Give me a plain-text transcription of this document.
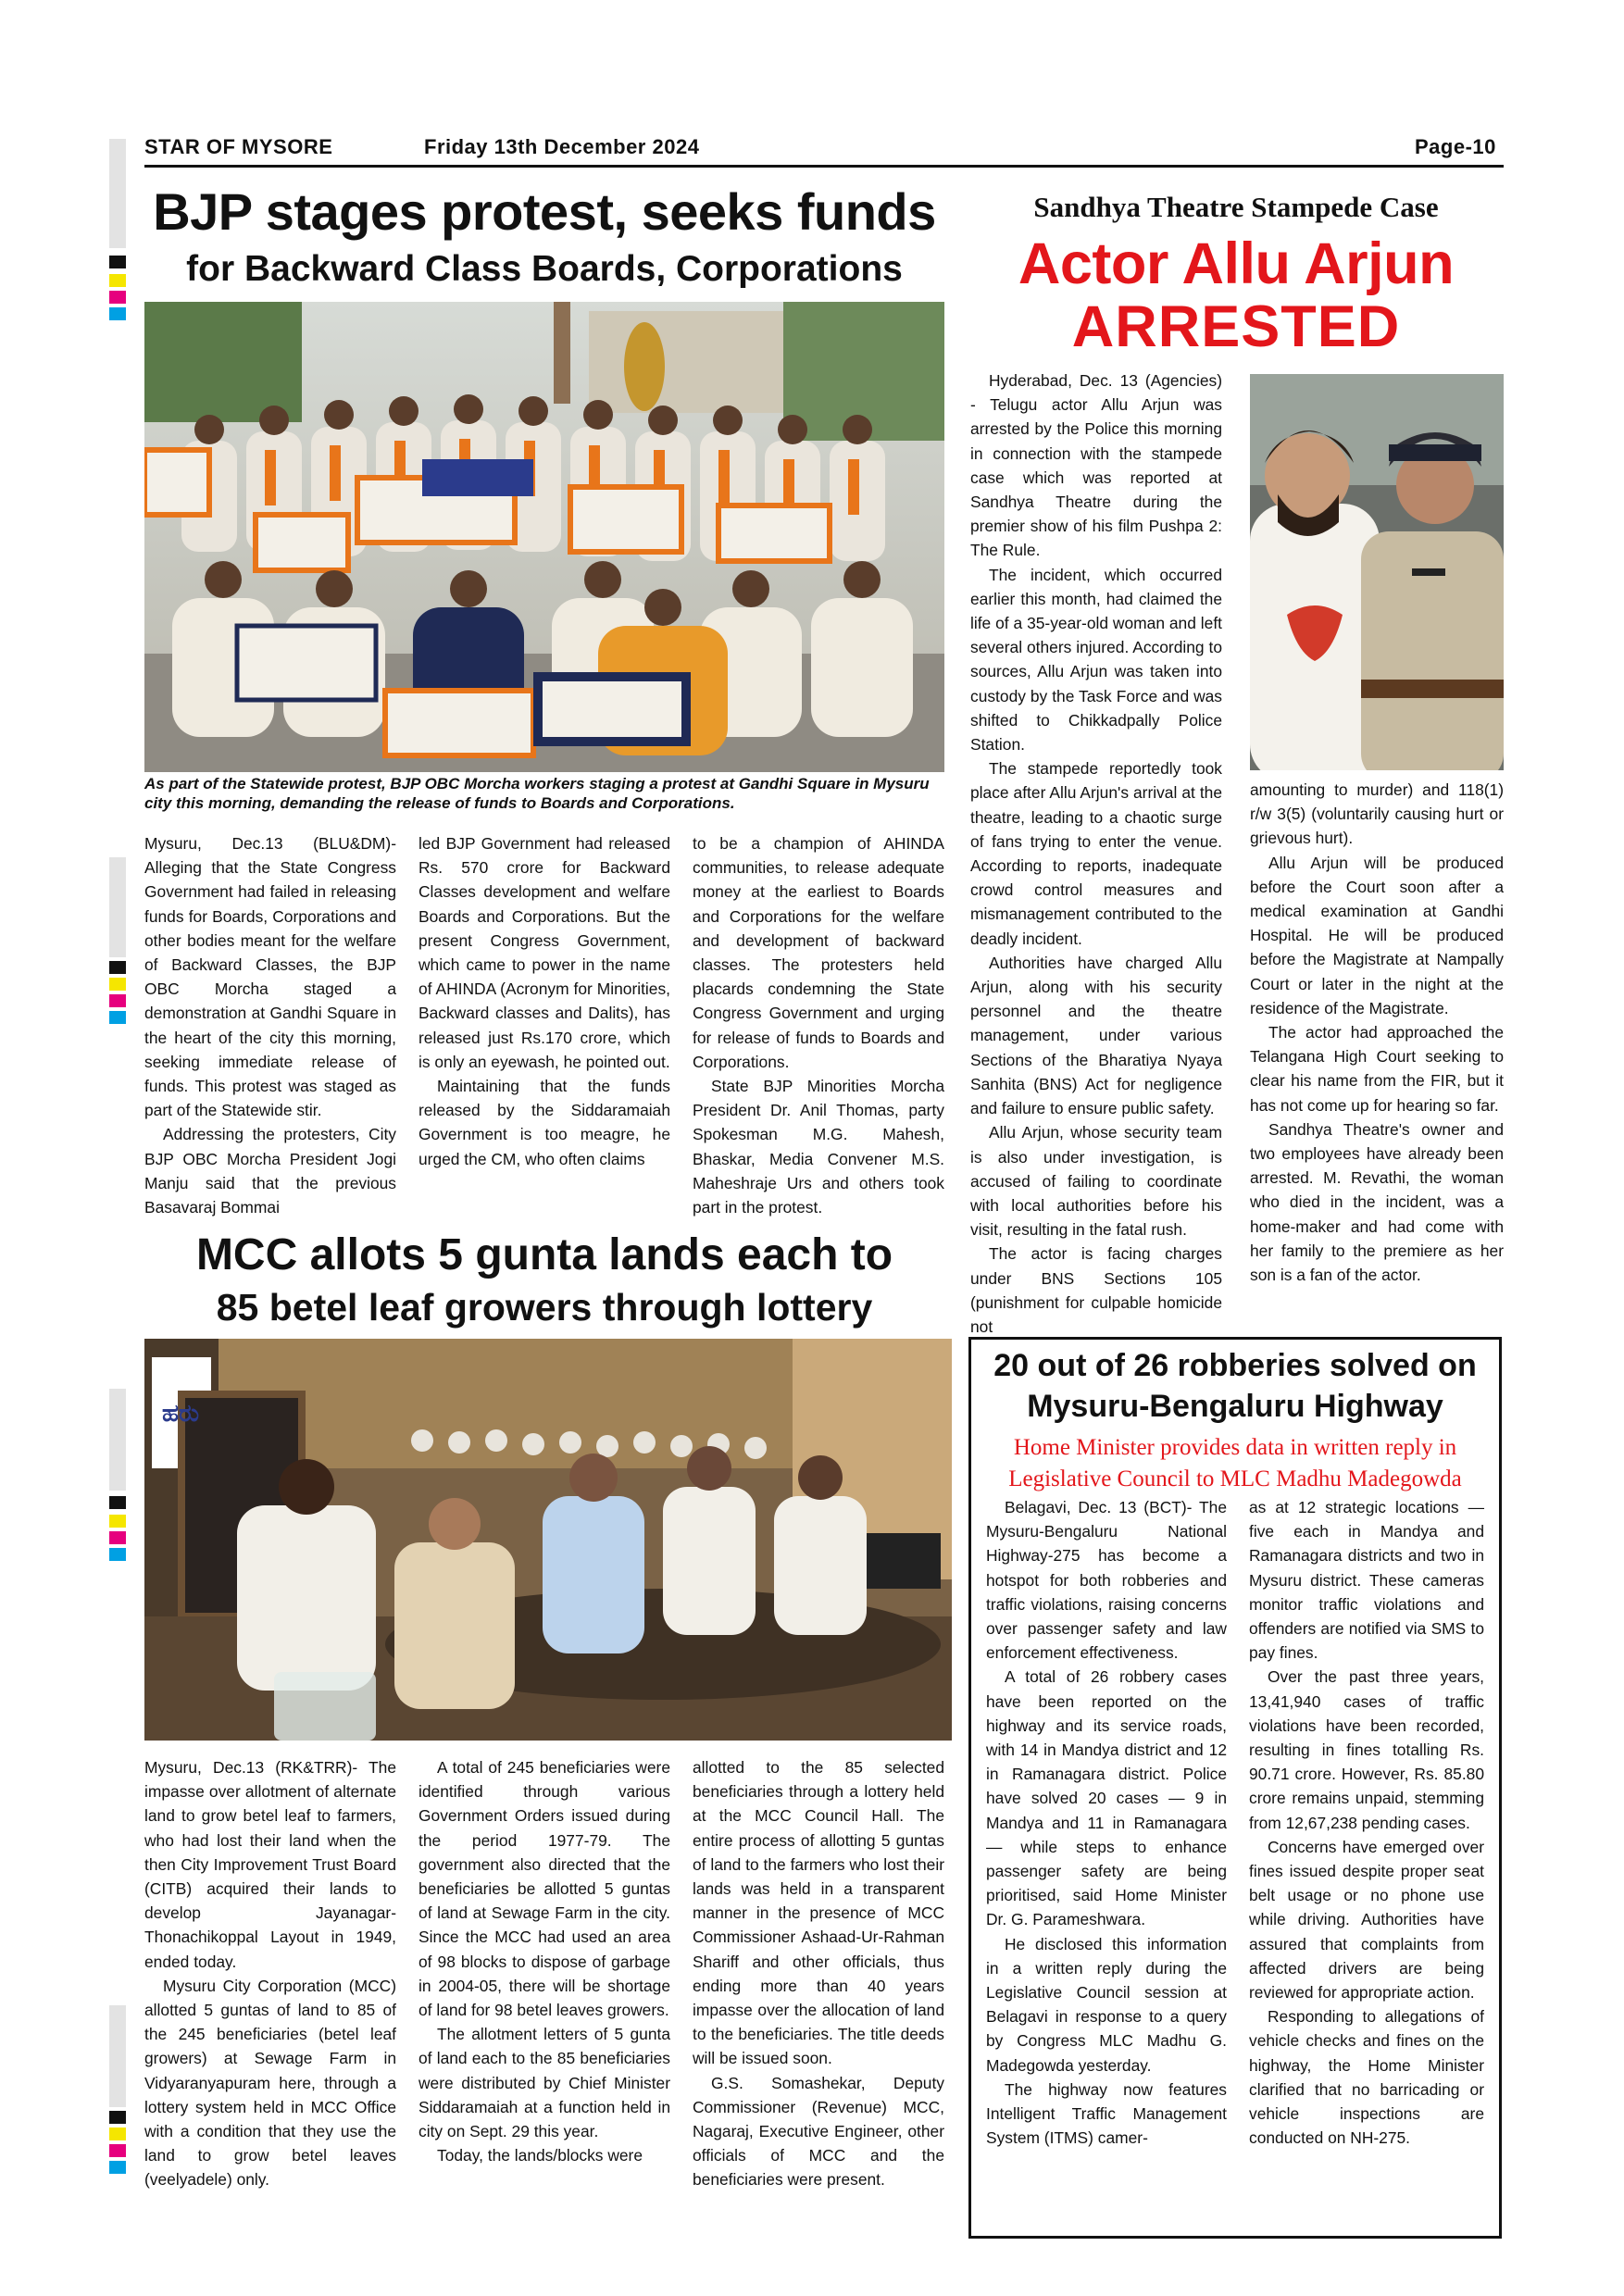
STAR OF MYSORE	Friday 13th December 2024	Page-10
BJP stages protest, seeks funds
for Backward Class Boards, Corporations
As part of the Statewide protest, BJP OBC Morcha workers staging a protest at Gandhi Square in Mysuru city this morning, demanding the release of funds to Boards and Corporations.

Mysuru, Dec.13 (BLU&DM)- Alleging that the State Congress Government had failed in releasing funds for Boards, Corporations and other bodies meant for the welfare of Backward Classes, the BJP OBC Morcha staged a demonstration at Gandhi Square in the heart of the city this morning, seeking immediate release of funds. This protest was staged as part of the Statewide stir.

Addressing the protesters, City BJP OBC Morcha President Jogi Manju said that the previous Basavaraj Bommai

led BJP Government had released Rs. 570 crore for Backward Classes development and welfare Boards and Corporations. But the present Congress Government, which came to power in the name of AHINDA (Acronym for Minorities, Backward classes and Dalits), has released just Rs.170 crore, which is only an eyewash, he pointed out.

Maintaining that the funds released by the Siddaramaiah Government is too meagre, he urged the CM, who often claims

to be a champion of AHINDA communities, to release adequate money at the earliest to Boards and Corporations for the welfare and development of backward classes. The protesters held placards condemning the State Congress Government and urging for release of funds to Boards and Corporations.

State BJP Minorities Morcha President Dr. Anil Thomas, party Spokesman M.G. Mahesh, Bhaskar, Media Convener M.S. Maheshraje Urs and others took part in the protest.

Sandhya Theatre Stampede Case
Actor Allu Arjun
ARRESTED

Hyderabad, Dec. 13 (Agencies) - Telugu actor Allu Arjun was arrested by the Police this morning in connection with the stampede case which was reported at Sandhya Theatre during the premier show of his film Pushpa 2: The Rule.

The incident, which occurred earlier this month, had claimed the life of a 35-year-old woman and left several others injured. According to sources, Allu Arjun was taken into custody by the Task Force and was shifted to Chikkadpally Police Station.

The stampede reportedly took place after Allu Arjun's arrival at the theatre, leading to a chaotic surge of fans trying to enter the venue. According to reports, inadequate crowd control measures and mismanagement contributed to the deadly incident.

Authorities have charged Allu Arjun, along with his security personnel and the theatre management, under various Sections of the Bharatiya Nyaya Sanhita (BNS) Act for negligence and failure to ensure public safety.

Allu Arjun, whose security team is also under investigation, is accused of failing to coordinate with local authorities before his visit, resulting in the fatal rush.

The actor is facing charges under BNS Sections 105 (punishment for culpable homicide not

amounting to murder) and 118(1) r/w 3(5) (voluntarily causing hurt or grievous hurt).

Allu Arjun will be produced before the Court soon after a medical examination at Gandhi Hospital. He will be produced before the Magistrate at Nampally Court or later in the night at the residence of the Magistrate.

The actor had approached the Telangana High Court seeking to clear his name from the FIR, but it has not come up for hearing so far.

Sandhya Theatre's owner and two employees have already been arrested. M. Revathi, the woman who died in the incident, was a home-maker and had come with her family to the premiere as her son is a fan of the actor.

MCC allots 5 gunta lands each to
85 betel leaf growers through lottery
ಹರು

Mysuru, Dec.13 (RK&TRR)- The impasse over allotment of alternate land to grow betel leaf to farmers, who had lost their land when the then City Improvement Trust Board (CITB) acquired their lands to develop Jayanagar-Thonachikoppal Layout in 1949, ended today.

Mysuru City Corporation (MCC) allotted 5 guntas of land to 85 of the 245 beneficiaries (betel leaf growers) at Sewage Farm in Vidyaranyapuram here, through a lottery system held in MCC Office with a condition that they use the land to grow betel leaves (veelyadele) only.

A total of 245 beneficiaries were identified through various Government Orders issued during the period 1977-79. The government also directed that the beneficiaries be allotted 5 guntas of land at Sewage Farm in the city. Since the MCC had used an area of 98 blocks to dispose of garbage in 2004-05, there will be shortage of land for 98 betel leaves growers.

The allotment letters of 5 gunta of land each to the 85 beneficiaries were distributed by Chief Minister Siddaramaiah at a function held in city on Sept. 29 this year.

Today, the lands/blocks were

allotted to the 85 selected beneficiaries through a lottery held at the MCC Council Hall. The entire process of allotting 5 guntas of land to the farmers who lost their lands was held in a transparent manner in the presence of MCC Commissioner Ashaad-Ur-Rahman Shariff and other officials, thus ending more than 40 years impasse over the allocation of land to the beneficiaries. The title deeds will be issued soon.

G.S. Somashekar, Deputy Commissioner (Revenue) MCC, Nagaraj, Executive Engineer, other officials of MCC and the beneficiaries were present.

20 out of 26 robberies solved on
Mysuru-Bengaluru Highway
Home Minister provides data in written reply in
Legislative Council to MLC Madhu Madegowda

Belagavi, Dec. 13 (BCT)- The Mysuru-Bengaluru National Highway-275 has become a hotspot for both robberies and traffic violations, raising concerns over passenger safety and law enforcement effectiveness.

A total of 26 robbery cases have been reported on the highway and its service roads, with 14 in Mandya district and 12 in Ramanagara district. Police have solved 20 cases — 9 in Mandya and 11 in Ramanagara — while steps to enhance passenger safety are being prioritised, said Home Minister Dr. G. Parameshwara.

He disclosed this information in a written reply during the Legislative Council session at Belagavi in response to a query by Congress MLC Madhu G. Madegowda yesterday.

The highway now features Intelligent Traffic Management System (ITMS) camer-

as at 12 strategic locations — five each in Mandya and Ramanagara districts and two in Mysuru district. These cameras monitor traffic violations and offenders are notified via SMS to pay fines.

Over the past three years, 13,41,940 cases of traffic violations have been recorded, resulting in fines totalling Rs. 90.71 crore. However, Rs. 85.80 crore remains unpaid, stemming from 12,67,238 pending cases.

Concerns have emerged over fines issued despite proper seat belt usage or no phone use while driving. Authorities have assured that complaints from affected drivers are being reviewed for appropriate action.

Responding to allegations of vehicle checks and fines on the highway, the Home Minister clarified that no barricading or vehicle inspections are conducted on NH-275.
